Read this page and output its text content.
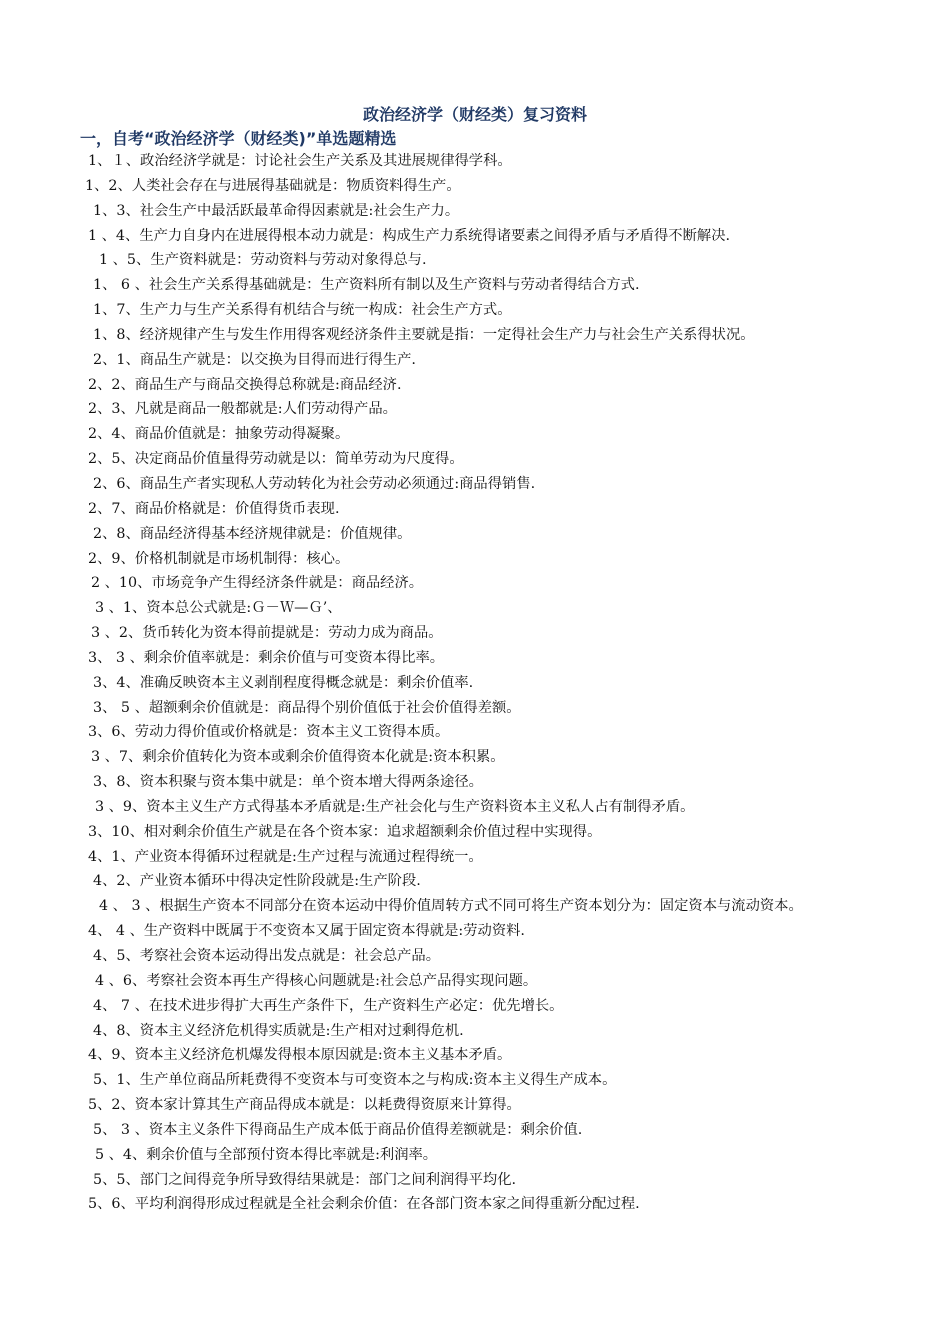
政治经济学（财经类）复习资料
一，自考“政治经济学（财经类)”单选题精选
1、１、政治经济学就是：讨论社会生产关系及其进展规律得学科。
1、2、人类社会存在与进展得基础就是：物质资料得生产。
1、3、社会生产中最活跃最革命得因素就是:社会生产力。
1 、4、生产力自身内在进展得根本动力就是：构成生产力系统得诸要素之间得矛盾与矛盾得不断解决.
1 、5、生产资料就是：劳动资料与劳动对象得总与.
1、 6 、社会生产关系得基础就是：生产资料所有制以及生产资料与劳动者得结合方式.
1、7、生产力与生产关系得有机结合与统一构成：社会生产方式。
1、8、经济规律产生与发生作用得客观经济条件主要就是指：一定得社会生产力与社会生产关系得状况。
2、1、商品生产就是：以交换为目得而进行得生产.
2、2、商品生产与商品交换得总称就是:商品经济.
2、3、凡就是商品一般都就是:人们劳动得产品。
2、4、商品价值就是：抽象劳动得凝聚。
2、5、决定商品价值量得劳动就是以：简单劳动为尺度得。
2、6、商品生产者实现私人劳动转化为社会劳动必须通过:商品得销售.
2、7、商品价格就是：价值得货币表现.
2、8、商品经济得基本经济规律就是：价值规律。
2、9、价格机制就是市场机制得：核心。
2 、10、市场竞争产生得经济条件就是：商品经济。
3 、1、资本总公式就是:Ｇ－Ｗ—Ｇ’、
3 、2、货币转化为资本得前提就是：劳动力成为商品。
3、 3 、剩余价值率就是：剩余价值与可变资本得比率。
3、4、准确反映资本主义剥削程度得概念就是：剩余价值率.
3、 5 、超额剩余价值就是：商品得个别价值低于社会价值得差额。
3、6、劳动力得价值或价格就是：资本主义工资得本质。
3 、7、剩余价值转化为资本或剩余价值得资本化就是:资本积累。
3、8、资本积聚与资本集中就是：单个资本增大得两条途径。
3 、9、资本主义生产方式得基本矛盾就是:生产社会化与生产资料资本主义私人占有制得矛盾。
3、10、相对剩余价值生产就是在各个资本家：追求超额剩余价值过程中实现得。
4、1、产业资本得循环过程就是:生产过程与流通过程得统一。
4、2、产业资本循环中得决定性阶段就是:生产阶段.
4 、 3 、根据生产资本不同部分在资本运动中得价值周转方式不同可将生产资本划分为：固定资本与流动资本。
4、 4 、生产资料中既属于不变资本又属于固定资本得就是:劳动资料.
4、5、考察社会资本运动得出发点就是：社会总产品。
4 、6、考察社会资本再生产得核心问题就是:社会总产品得实现问题。
4、 7 、在技术进步得扩大再生产条件下，生产资料生产必定：优先增长。
4、8、资本主义经济危机得实质就是:生产相对过剩得危机.
4、9、资本主义经济危机爆发得根本原因就是:资本主义基本矛盾。
5、1、生产单位商品所耗费得不变资本与可变资本之与构成:资本主义得生产成本。
5、2、资本家计算其生产商品得成本就是：以耗费得资原来计算得。
5、 3 、资本主义条件下得商品生产成本低于商品价值得差额就是：剩余价值.
5 、4、剩余价值与全部预付资本得比率就是:利润率。
5、5、部门之间得竞争所导致得结果就是：部门之间利润得平均化.
5、6、平均利润得形成过程就是全社会剩余价值：在各部门资本家之间得重新分配过程.
